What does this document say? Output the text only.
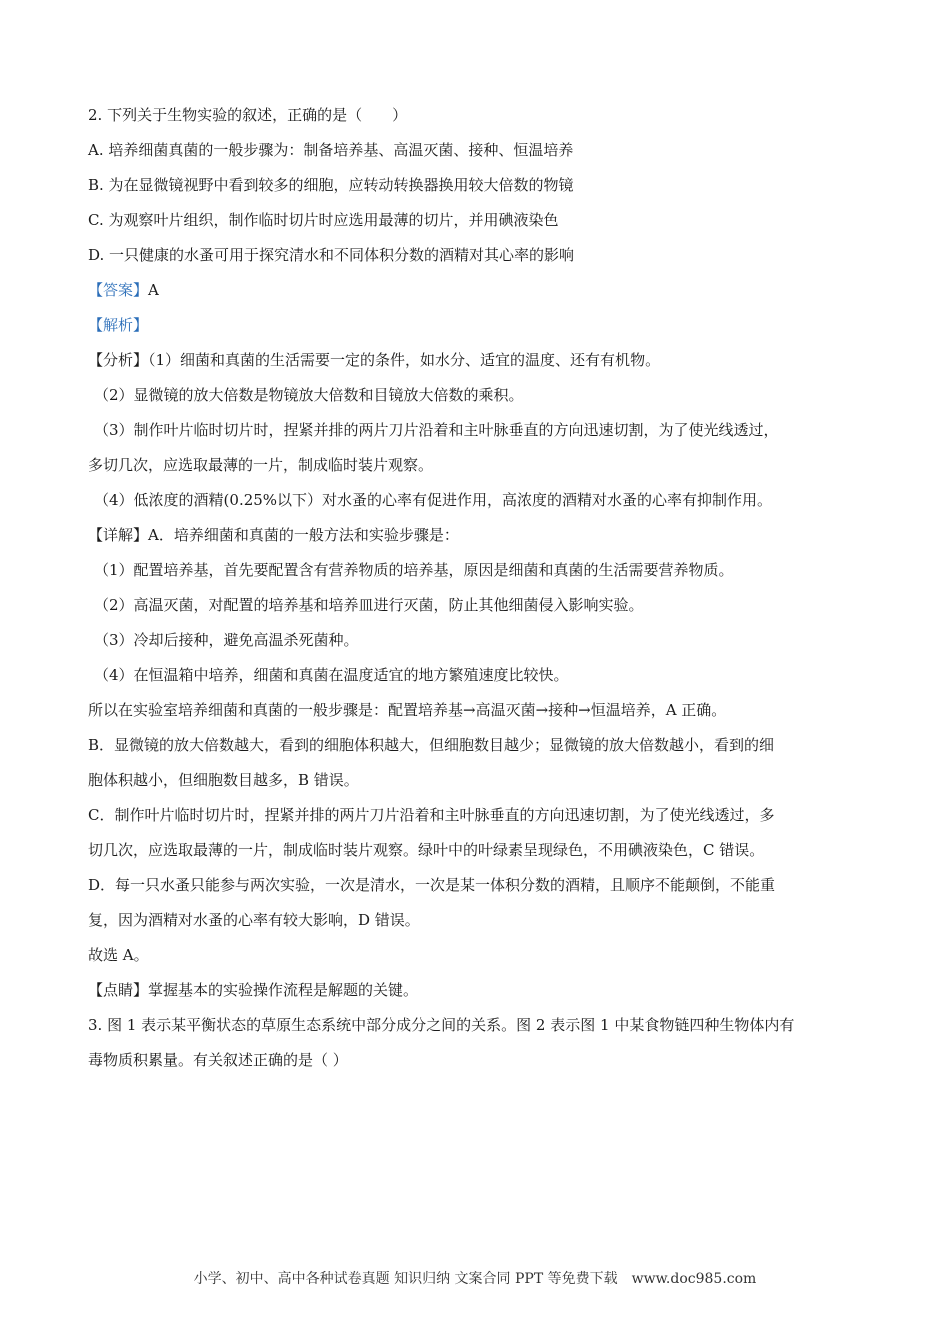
2. 下列关于生物实验的叙述，正确的是（　　）
A. 培养细菌真菌的一般步骤为：制备培养基、高温灭菌、接种、恒温培养
B. 为在显微镜视野中看到较多的细胞，应转动转换器换用较大倍数的物镜
C. 为观察叶片组织，制作临时切片时应选用最薄的切片，并用碘液染色
D. 一只健康的水蚤可用于探究清水和不同体积分数的酒精对其心率的影响
【答案】A
【解析】
【分析】（1）细菌和真菌的生活需要一定的条件，如水分、适宜的温度、还有有机物。
（2）显微镜的放大倍数是物镜放大倍数和目镜放大倍数的乘积。
（3）制作叶片临时切片时，捏紧并排的两片刀片沿着和主叶脉垂直的方向迅速切割，为了使光线透过，
多切几次，应选取最薄的一片，制成临时装片观察。
（4）低浓度的酒精(0.25%以下）对水蚤的心率有促进作用，高浓度的酒精对水蚤的心率有抑制作用。
【详解】A．培养细菌和真菌的一般方法和实验步骤是：
（1）配置培养基，首先要配置含有营养物质的培养基，原因是细菌和真菌的生活需要营养物质。
（2）高温灭菌，对配置的培养基和培养皿进行灭菌，防止其他细菌侵入影响实验。
（3）冷却后接种，避免高温杀死菌种。
（4）在恒温箱中培养，细菌和真菌在温度适宜的地方繁殖速度比较快。
所以在实验室培养细菌和真菌的一般步骤是：配置培养基→高温灭菌→接种→恒温培养，A 正确。
B．显微镜的放大倍数越大，看到的细胞体积越大，但细胞数目越少；显微镜的放大倍数越小，看到的细
胞体积越小，但细胞数目越多，B 错误。
C．制作叶片临时切片时，捏紧并排的两片刀片沿着和主叶脉垂直的方向迅速切割，为了使光线透过，多
切几次，应选取最薄的一片，制成临时装片观察。绿叶中的叶绿素呈现绿色，不用碘液染色，C 错误。
D．每一只水蚤只能参与两次实验，一次是清水，一次是某一体积分数的酒精，且顺序不能颠倒，不能重
复，因为酒精对水蚤的心率有较大影响，D 错误。
故选 A。
【点睛】掌握基本的实验操作流程是解题的关键。
3. 图 1 表示某平衡状态的草原生态系统中部分成分之间的关系。图 2 表示图 1 中某食物链四种生物体内有
毒物质积累量。有关叙述正确的是（ ）
小学、初中、高中各种试卷真题 知识归纳 文案合同 PPT 等免费下载　www.doc985.com
